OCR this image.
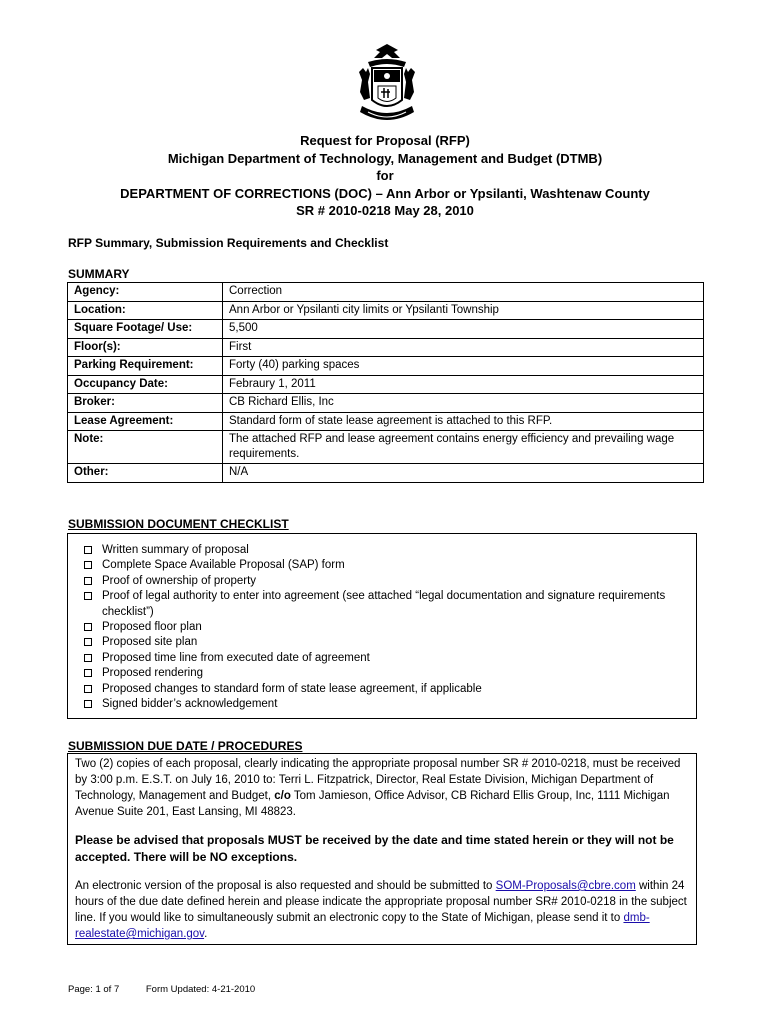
Request for Proposal (RFP)
Michigan Department of Technology, Management and Budget (DTMB)
for
DEPARTMENT OF CORRECTIONS (DOC) – Ann Arbor or Ypsilanti, Washtenaw County
SR # 2010-0218 May 28, 2010
RFP Summary, Submission Requirements and Checklist
SUMMARY
Agency:	Correction
Location:	Ann Arbor or Ypsilanti city limits or Ypsilanti Township
Square Footage/ Use:	5,500
Floor(s):	First
Parking Requirement:	Forty (40) parking spaces
Occupancy Date:	Febraury 1, 2011
Broker:	CB Richard Ellis, Inc
Lease Agreement:	Standard form of state lease agreement is attached to this RFP.
Note:	The attached RFP and lease agreement contains energy efficiency and prevailing wage requirements.
Other:	N/A
SUBMISSION DOCUMENT CHECKLIST
Written summary of proposal
Complete Space Available Proposal (SAP) form
Proof of ownership of property
Proof of legal authority to enter into agreement (see attached “legal documentation and signature requirements checklist”)
Proposed floor plan
Proposed site plan
Proposed time line from executed date of agreement
Proposed rendering
Proposed changes to standard form of state lease agreement, if applicable
Signed bidder’s acknowledgement
SUBMISSION DUE DATE / PROCEDURES

Two (2) copies of each proposal, clearly indicating the appropriate proposal number SR # 2010-0218, must be received by 3:00 p.m. E.S.T. on July 16, 2010 to: Terri L. Fitzpatrick, Director, Real Estate Division, Michigan Department of Technology, Management and Budget, c/o Tom Jamieson, Office Advisor, CB Richard Ellis Group, Inc, 1111 Michigan Avenue Suite 201, East Lansing, MI 48823.

Please be advised that proposals MUST be received by the date and time stated herein or they will not be accepted. There will be NO exceptions.

An electronic version of the proposal is also requested and should be submitted to SOM-Proposals@cbre.com within 24 hours of the due date defined herein and please indicate the appropriate proposal number SR# 2010-0218 in the subject line. If you would like to simultaneously submit an electronic copy to the State of Michigan, please send it to dmb-realestate@michigan.gov.

Page: 1 of 7	Form Updated: 4-21-2010
